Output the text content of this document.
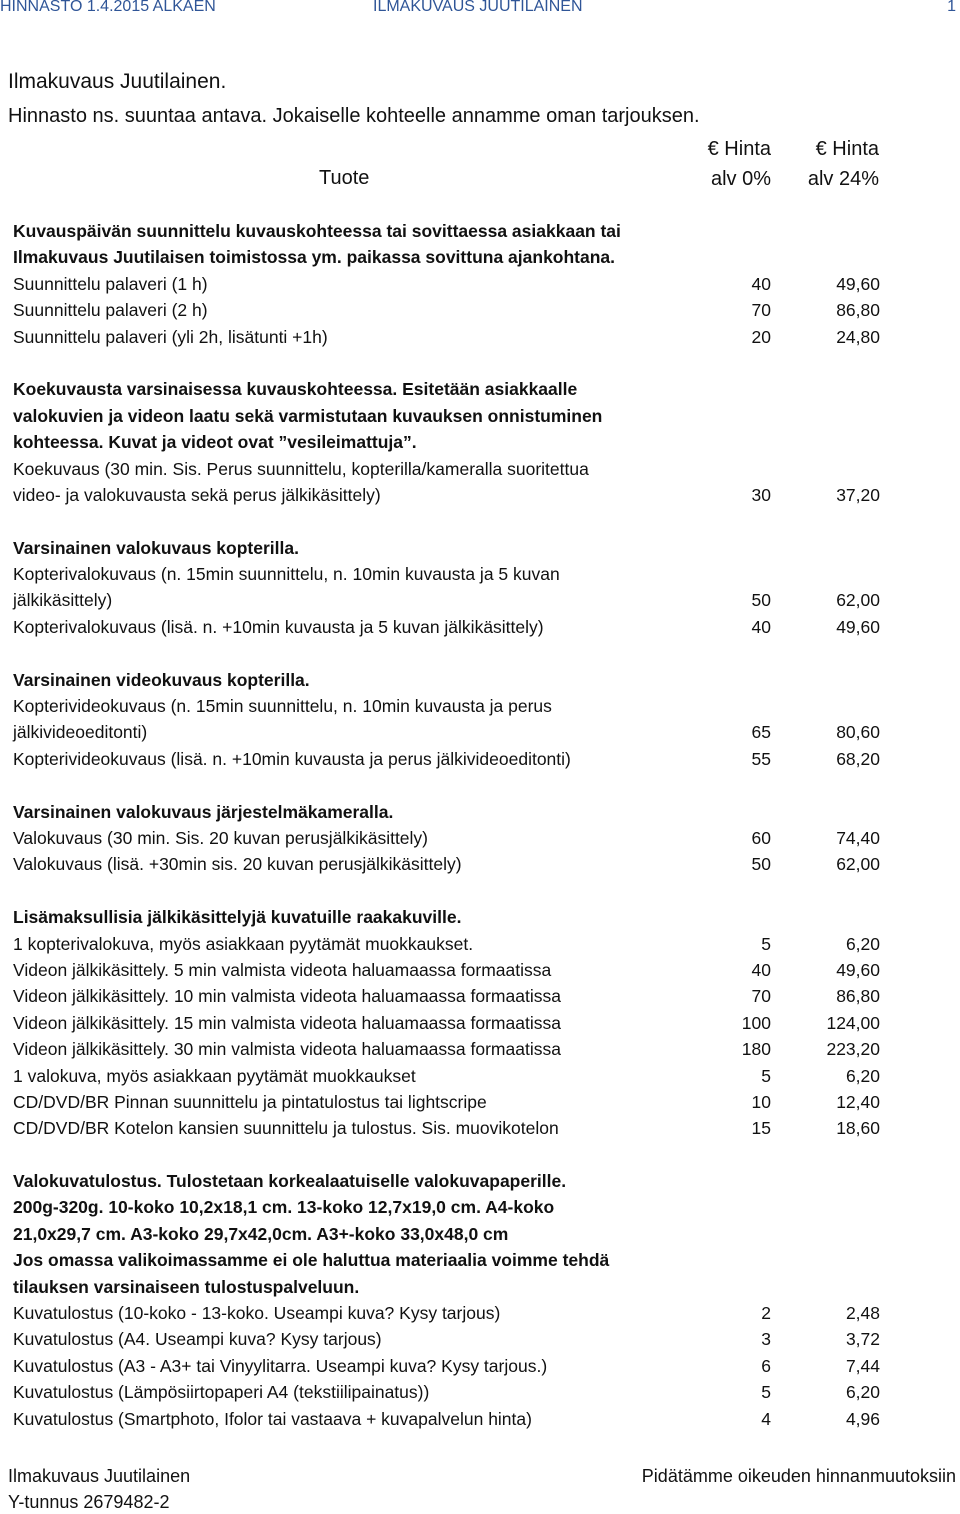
HINNASTO 1.4.2015 ALKAEN	ILMAKUVAUS JUUTILAINEN	1
Ilmakuvaus Juutilainen.
Hinnasto ns. suuntaa antava. Jokaiselle kohteelle annamme oman tarjouksen.
Tuote
€ Hinta
alv 0%
€ Hinta
alv 24%
Kuvauspäivän suunnittelu kuvauskohteessa tai sovittaessa asiakkaan tai
Ilmakuvaus Juutilaisen toimistossa ym. paikassa sovittuna ajankohtana.
Suunnittelu palaveri (1 h)	40	49,60
Suunnittelu palaveri (2 h)	70	86,80
Suunnittelu palaveri (yli 2h, lisätunti +1h)	20	24,80
Koekuvausta varsinaisessa kuvauskohteessa. Esitetään asiakkaalle
valokuvien ja videon laatu sekä varmistutaan kuvauksen onnistuminen
kohteessa. Kuvat ja videot ovat ”vesileimattuja”.
Koekuvaus (30 min. Sis. Perus suunnittelu, kopterilla/kameralla suoritettua
video- ja valokuvausta sekä perus jälkikäsittely)	30	37,20
Varsinainen valokuvaus kopterilla.
Kopterivalokuvaus (n. 15min suunnittelu, n. 10min kuvausta ja 5 kuvan
jälkikäsittely)	50	62,00
Kopterivalokuvaus (lisä. n. +10min kuvausta ja 5 kuvan jälkikäsittely)	40	49,60
Varsinainen videokuvaus kopterilla.
Kopterivideokuvaus (n. 15min suunnittelu, n. 10min kuvausta ja perus
jälkivideoeditonti)	65	80,60
Kopterivideokuvaus (lisä. n. +10min kuvausta ja perus jälkivideoeditonti)	55	68,20
Varsinainen valokuvaus järjestelmäkameralla.
Valokuvaus (30 min. Sis. 20 kuvan perusjälkikäsittely)	60	74,40
Valokuvaus (lisä. +30min sis. 20 kuvan perusjälkikäsittely)	50	62,00
Lisämaksullisia jälkikäsittelyjä kuvatuille raakakuville.
1 kopterivalokuva, myös asiakkaan pyytämät muokkaukset.	5	6,20
Videon jälkikäsittely. 5 min valmista videota haluamaassa formaatissa	40	49,60
Videon jälkikäsittely. 10 min valmista videota haluamaassa formaatissa	70	86,80
Videon jälkikäsittely. 15 min valmista videota haluamaassa formaatissa	100	124,00
Videon jälkikäsittely. 30 min valmista videota haluamaassa formaatissa	180	223,20
1 valokuva, myös asiakkaan pyytämät muokkaukset	5	6,20
CD/DVD/BR Pinnan suunnittelu ja pintatulostus tai lightscripe	10	12,40
CD/DVD/BR Kotelon kansien suunnittelu ja tulostus. Sis. muovikotelon	15	18,60
Valokuvatulostus. Tulostetaan korkealaatuiselle valokuvapaperille.
200g-320g. 10-koko 10,2x18,1 cm. 13-koko 12,7x19,0 cm. A4-koko
21,0x29,7 cm. A3-koko 29,7x42,0cm. A3+-koko 33,0x48,0 cm
Jos omassa valikoimassamme ei ole haluttua materiaalia voimme tehdä
tilauksen varsinaiseen tulostuspalveluun.
Kuvatulostus (10-koko - 13-koko. Useampi kuva? Kysy tarjous)	2	2,48
Kuvatulostus (A4. Useampi kuva? Kysy tarjous)	3	3,72
Kuvatulostus (A3 - A3+ tai Vinyylitarra. Useampi kuva? Kysy tarjous.)	6	7,44
Kuvatulostus (Lämpösiirtopaperi A4 (tekstiilipainatus))	5	6,20
Kuvatulostus (Smartphoto, Ifolor tai vastaava + kuvapalvelun hinta)	4	4,96
Ilmakuvaus Juutilainen
Y-tunnus 2679482-2
Pidätämme oikeuden hinnanmuutoksiin
